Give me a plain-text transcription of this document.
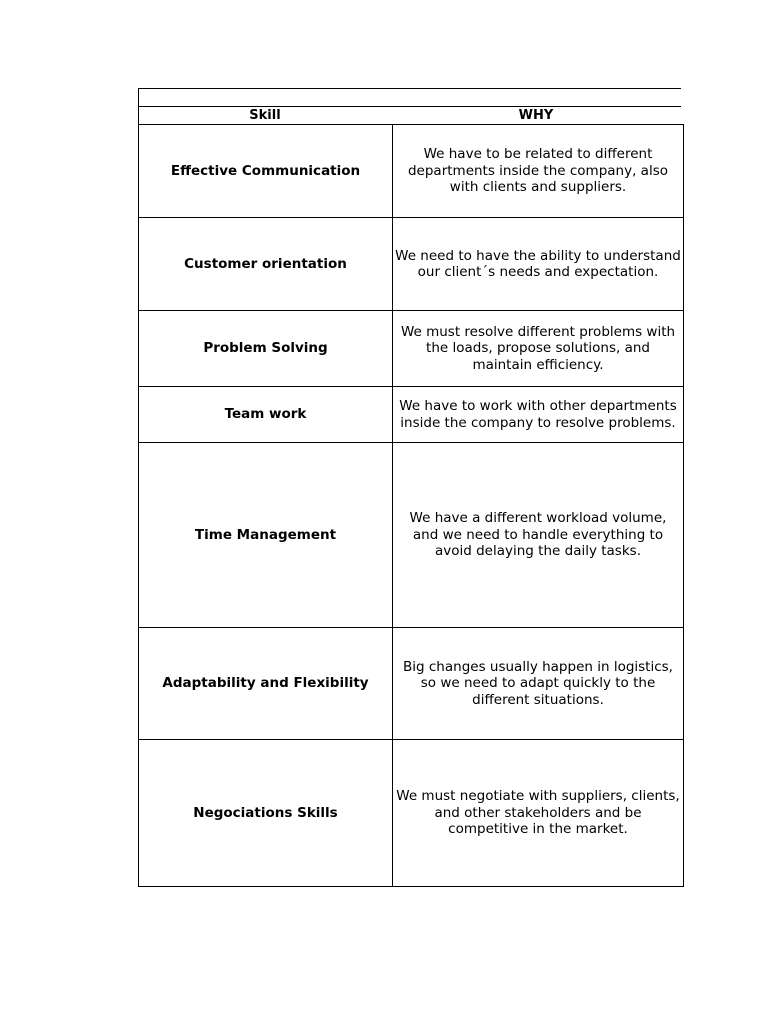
Skill	WHY
Effective Communication	We have to be related to different departments inside the company, also with clients and suppliers.
Customer orientation	We need to have the ability to understand our client´s needs and expectation.
Problem Solving	We must resolve different problems with the loads, propose solutions, and maintain efficiency.
Team work	We have to work with other departments inside the company to resolve problems.
Time Management	We have a different workload volume, and we need to handle everything to avoid delaying the daily tasks.
Adaptability and Flexibility	Big changes usually happen in logistics, so we need to adapt quickly to the different situations.
Negociations Skills	We must negotiate with suppliers, clients, and other stakeholders and be competitive in the market.
